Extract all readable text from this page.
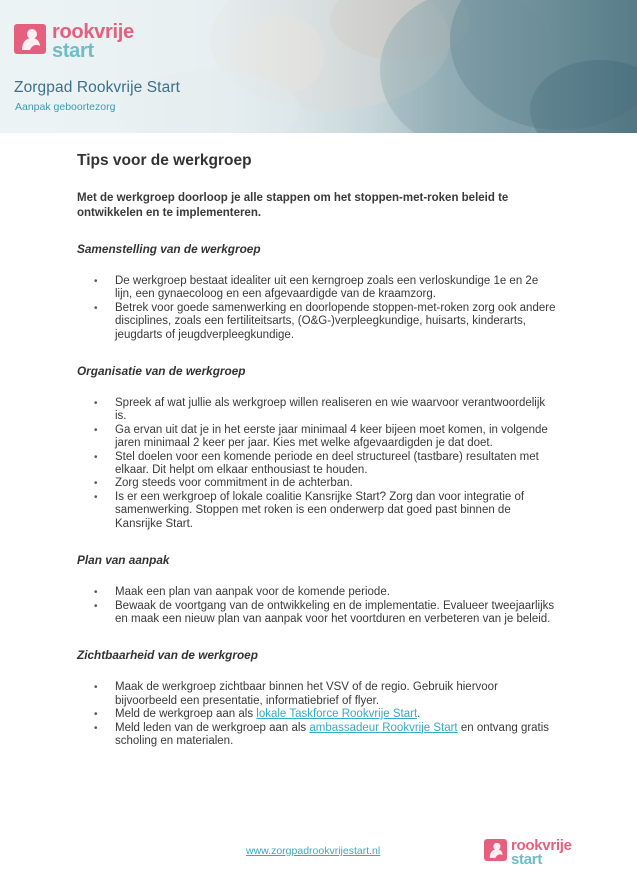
rookvrije
start
Zorgpad Rookvrije Start
Aanpak geboortezorg
Tips voor de werkgroep

Met de werkgroep doorloop je alle stappen om het stoppen-met-roken beleid te ontwikkelen en te implementeren.

Samenstelling van de werkgroep
• De werkgroep bestaat idealiter uit een kerngroep zoals een verloskundige 1e en 2e lijn, een gynaecoloog en een afgevaardigde van de kraamzorg.
• Betrek voor goede samenwerking en doorlopende stoppen-met-roken zorg ook andere disciplines, zoals een fertiliteitsarts, (O&G-)verpleegkundige, huisarts, kinderarts, jeugdarts of jeugdverpleegkundige.
Organisatie van de werkgroep
• Spreek af wat jullie als werkgroep willen realiseren en wie waarvoor verantwoordelijk is.
• Ga ervan uit dat je in het eerste jaar minimaal 4 keer bijeen moet komen, in volgende jaren minimaal 2 keer per jaar. Kies met welke afgevaardigden je dat doet.
• Stel doelen voor een komende periode en deel structureel (tastbare) resultaten met elkaar. Dit helpt om elkaar enthousiast te houden.
• Zorg steeds voor commitment in de achterban.
• Is er een werkgroep of lokale coalitie Kansrijke Start? Zorg dan voor integratie of samenwerking. Stoppen met roken is een onderwerp dat goed past binnen de Kansrijke Start.
Plan van aanpak
• Maak een plan van aanpak voor de komende periode.
• Bewaak de voortgang van de ontwikkeling en de implementatie. Evalueer tweejaarlijks en maak een nieuw plan van aanpak voor het voortduren en verbeteren van je beleid.
Zichtbaarheid van de werkgroep
• Maak de werkgroep zichtbaar binnen het VSV of de regio. Gebruik hiervoor bijvoorbeeld een presentatie, informatiebrief of flyer.
• Meld de werkgroep aan als lokale Taskforce Rookvrije Start.
• Meld leden van de werkgroep aan als ambassadeur Rookvrije Start en ontvang gratis scholing en materialen.
www.zorgpadrookvrijestart.nl	rookvrije
start
